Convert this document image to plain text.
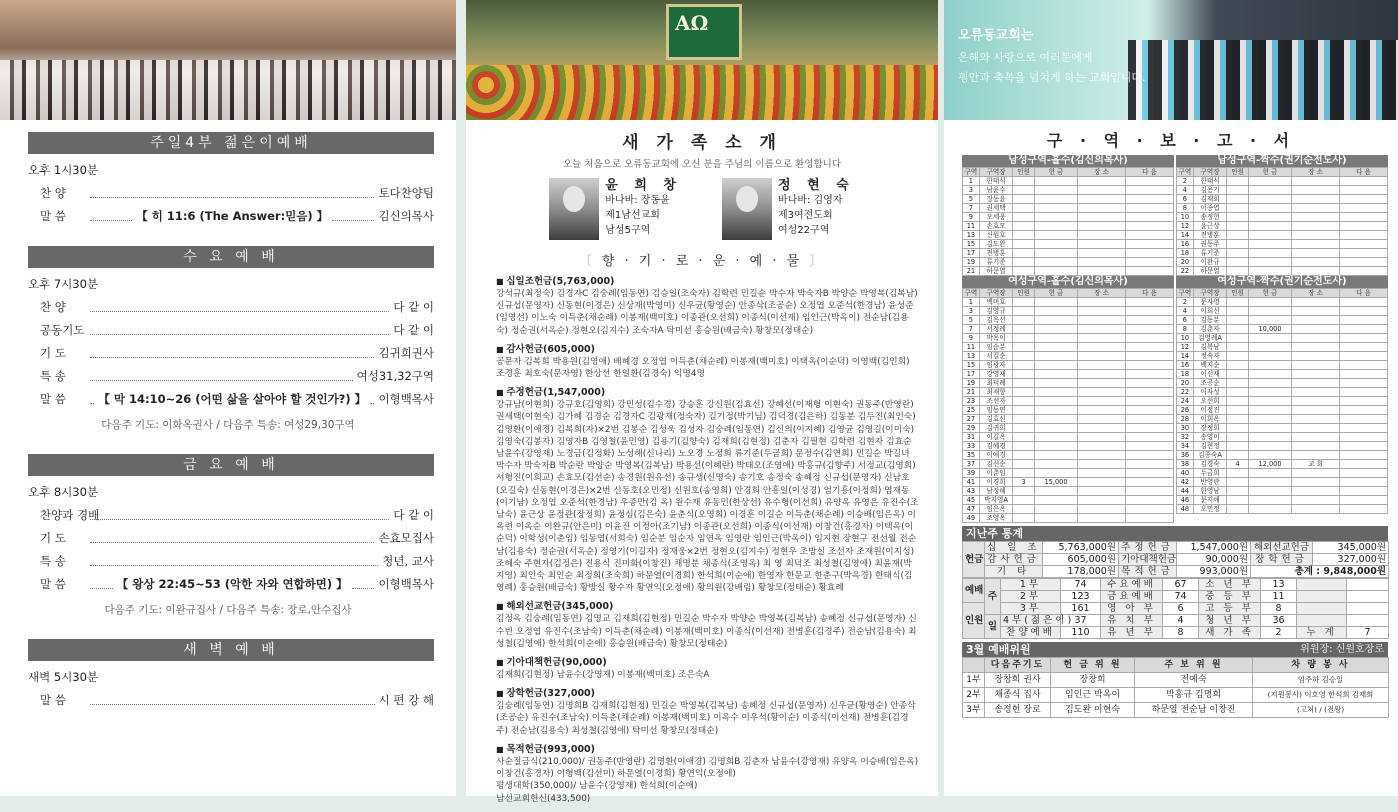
주일4부 젊은이예배
오후 1시30분
찬 양	토다찬양팀
말 씀	【 히 11:6 (The Answer:믿음) 】	김신의목사
수 요 예 배
오후 7시30분
찬 양	다 같 이
공동기도	다 같 이
기 도	김귀희권사
특 송	여성31,32구역
말 씀	【 막 14:10~26 (어떤 삶을 살아야 할 것인가?) 】 이형백목사
다음주 기도: 이화옥권사 / 다음주 특송: 여성29,30구역
금 요 예 배
오후 8시30분
찬양과 경배	다 같 이
기 도	손효모집사
특 송	청년, 교사
말 씀	【 왕상 22:45~53 (악한 자와 연합하면) 】	이형백목사
다음주 기도: 이완규집사 / 다음주 특송: 장로,안수집사
새 벽 예 배
새벽 5시30분
말 씀	시 편 강 해
ΑΩ
새 가 족 소 개
오늘 처음으로 오류동교회에 오신 분을 주님의 이름으로 환영합니다
윤 희 창
바나바: 장동윤
제1남선교회
남성5구역
정 현 숙
바나바: 김영자
제3여전도회
여성22구역
〔 향 · 기 · 로 · 운 · 예 · 물 〕
■ 십일조헌금(5,763,000)
강석규(최정숙) 김경자C 김숭례(임동연) 김승일(조숙자) 김학련 민길순 박수자 박숙자B 박양순 박영복(김복남) 신규섭(문영자) 신동현(이경은) 신상재(박영미) 신우균(황영순) 안종삭(조공순) 오정엽 오준석(한경남) 윤성준(임영선) 이노숙 이득춘(채순례) 이봉재(백미호) 이종관(오선희) 이종식(이선재) 임인근(박옥이) 전순남(김용숙) 정순권(서옥순) 정현오(김지수) 조숙자A 탁미선 홍승원(배금숙) 황창모(정태순)
■ 감사헌금(605,000)
공문자 김복희 박용원(김영애) 배혜경 오정엽 이득춘(채순례) 이봉재(백미호) 이택옥(이순덕) 이영백(김인희) 조경훈 최호숙(문자영) 한상선 한일환(김경숙) 익명4명
■ 주정헌금(1,547,000)
강규남(이현희) 강규호(김영희) 강민성(김수경) 강승훈 강신원(김효신) 강혜선(이재형 이현숙) 권동주(반영란) 권세택(이현숙) 김가혜 김경순 김경자C 김광재(정숙자) 김기정(박기님) 김덕경(김은하) 김동분 김두진(최인숙) 김명환(이애경) 김복희(자)×2번 김봉순 김성욱 김성자 김숭례(임동연) 김신의(이지혜) 김영균 김영길(이미숙) 김영숙(김봉자) 김영자B 김영철(윤민영) 김용기(김향숙) 김재희(김현정) 김춘자 김필현 김학련 김현자 김효순 남윤수(강영재) 노경금(김정화) 노성해(신나리) 노오경 노정희 류기준(두금희) 문정수(김연희) 민길순 박길녀 박수자 박숙자B 박순란 박양순 박영복(김복남) 박용선(이혜란) 박태오(조영애) 박홍규(김향주) 서정교(김영희) 서형진(이희교) 손효모(김선순) 송경원(원유선) 송규생(신명숙) 송기호 송정숙 송혜정 신규섭(문영자) 신남호(오길숙) 신동현(이경은)×2번 신동호(오민정) 신원호(송영희) 안경희 안흥일(이성경) 엄기흥(이정희) 염재동(이기남) 오정엽 오준석(한경남) 우종만(김 옥) 원수재 유동민(한상선) 유수형(이선희) 유양옥 유영은 유진수(조남숙) 윤근상 윤정관(장정희) 윤정심(김은숙) 윤춘식(오영희) 이경훈 이길순 이득춘(채순례) 이승배(임은옥) 이옥련 이옥순 이완규(안은미) 이윤진 이정아(조기남) 이종관(오선희) 이종식(이선재) 이창건(홍경자) 이택옥(이순덕) 이학성(이춘임) 임동엽(서희숙) 임순분 임순자 임연옥 임영란 임인근(박옥이) 임지현 장현구 전선월 전순남(김용숙) 정순권(서옥순) 정영기(이길자) 정재웅×2번 정현오(김지수) 정현우 조방실 조선자 조재원(이지성) 조혜숙 주현자(김정은) 진용식 진미화(이창진) 채명분 채종식(조영옥) 최 영 최덕조 최성철(김영애) 최윤재(박지영) 최인숙 최인순 최정희(조숙희) 하문열(이경희) 한석희(이순애) 한영자 한문교 한춘구(박옥경) 한태식(김영례) 홍승원(배금숙) 황방실 황수자 황연익(오정애) 황의원(강배림) 황창모(정태순) 황효례
■ 해외선교헌금(345,000)
김정옥 김숭례(임동연) 김명교 김재희(김현정) 민길순 박수자 박양순 박영복(김복남) 송혜정 신규섭(문영자) 신수빈 오정엽 유진수(조남숙) 이득춘(채순례) 이봉재(백미호) 이종식(이선재) 전병훈(김경주) 전순남(김용숙) 최성철(김영애) 한석희(이순애) 홍승원(배금숙) 황창모(정태순)
■ 기아대책헌금(90,000)
김재희(김현정) 남윤수(강영재) 이봉재(백미호) 조은숙A
■ 장학헌금(327,000)
김숭례(임동연) 김명희B 김재희(김현정) 민길순 박영복(김복남) 송혜정 신규섭(문영자) 신우균(황영순) 안종삭(조공순) 유진수(조남숙) 이득춘(채순례) 이봉재(백미호) 이옥수 이우석(황이순) 이종식(이선재) 전병훈(김경주) 전순남(김용숙) 최성철(김영애) 탁미선 황창모(정태순)
■ 목적헌금(993,000)
사순절금식(210,000)/ 권동주(반영란) 김명환(이애경) 김명희B 김춘자 남윤수(강영재) 유양옥 이승배(임은옥) 이창건(홍경자) 이형백(김선미) 하문열(이경희) 황연익(오정애)
평생대학(350,000)/ 남윤수(강영재) 한석희(이순애)
남선교회헌신(433,500)
오류동교회는
은혜와 사랑으로 여러분에게
평안과 축복을 넘치게 하는 교회입니다.
구 · 역 · 보 · 고 · 서
남성구역-홀수(김신의목사)
구역	구역장	인원	헌 금	장 소	다 음
1	한태식				
3	남윤수				
5	장동윤				
7	권세택				
9	오세웅				
11	손효모				
13	신원호				
15	김도완				
17	전병훈				
19	류기준				
21	하문열				
남성구역-짝수(권기순전도사)
구역	구역장	인원	헌 금	장 소	다 음
2	한태식				
4	김용기				
6	김재희				
8	이종엽				
10	송정헌				
12	윤근상				
14	전병훈				
16	권동주				
18	류기준				
20	이완규				
22	하문열				
여성구역-홀수(김신의목사)
구역	구역장	인원	헌 금	장 소	다 음
1	백미호				
3	김영규				
5	김옥선				
7	서정례				
9	박옥이				
11	임순분				
13	서길순				
15	임광자				
17	강영재				
19	최덕례				
21	최재향				
23	조선자				
25	임동연				
27	김효신				
29	김귀희				
31	이길옥				
33	김혜경				
35	이애경				
37	김선순				
39	이춘임				
41	이경희	3	15,000		
43	남정혜				
45	박지영A				
47	임은옥				
49	조영옥				
여성구역-짝수(권기순전도사)
구역	구역장	인원	헌 금	장 소	다 음
2	문자영				
4	이희선				
6	김동분				
8	김춘자		10,000		
10	김영례A				
12	김복남				
14	정숙자				
16	백지순				
18	이선재				
20	조공순				
22	이자성				
24	오선희				
26	이정진				
28	이희옥				
30	장정희				
32	송영미				
34	김현정				
36	김종숙A				
38	김경숙	4	12,000	교 회	
40	두금희				
42	반영란				
44	한영남				
46	문지애				
48	오민정				
지난주 통계
헌금	십 일 조	5,763,000원	주정헌금	1,547,000원	해외선교헌금	345,000원
	감사헌금	605,000원	기아대책헌금	90,000원	장학헌금	327,000원
	기 타	178,000원	목적헌금	993,000원	총계 : 9,848,000원	
예배	주	1부	74	수요예배	67	소 년 부	13		
		2부	123	금요예배	74	중 등 부	11		
인원		3부	161	영 아 부	6	고 등 부	8		
	일	4부(젊은이)	37	유 치 부	4	청 년 부	36		
		찬양예배	110	유 년 부	8	새 가 족	2	누 계	7
3월 예배위원	위원장: 신원호장로
	다음주기도	헌 금 위 원	주 보 위 원	차 량 봉 사
1부	장창희 권사	장창희	전예숙	엄주하 김승일
2부	채종식 집사	임인근 박옥이	박홍규 김명희	(지원봉사) 이호영 한석희 김재희
3부	송정헌 장로	김도완 이현숙	하문열 전순남 이창진	(고쳐) / (전왕)
